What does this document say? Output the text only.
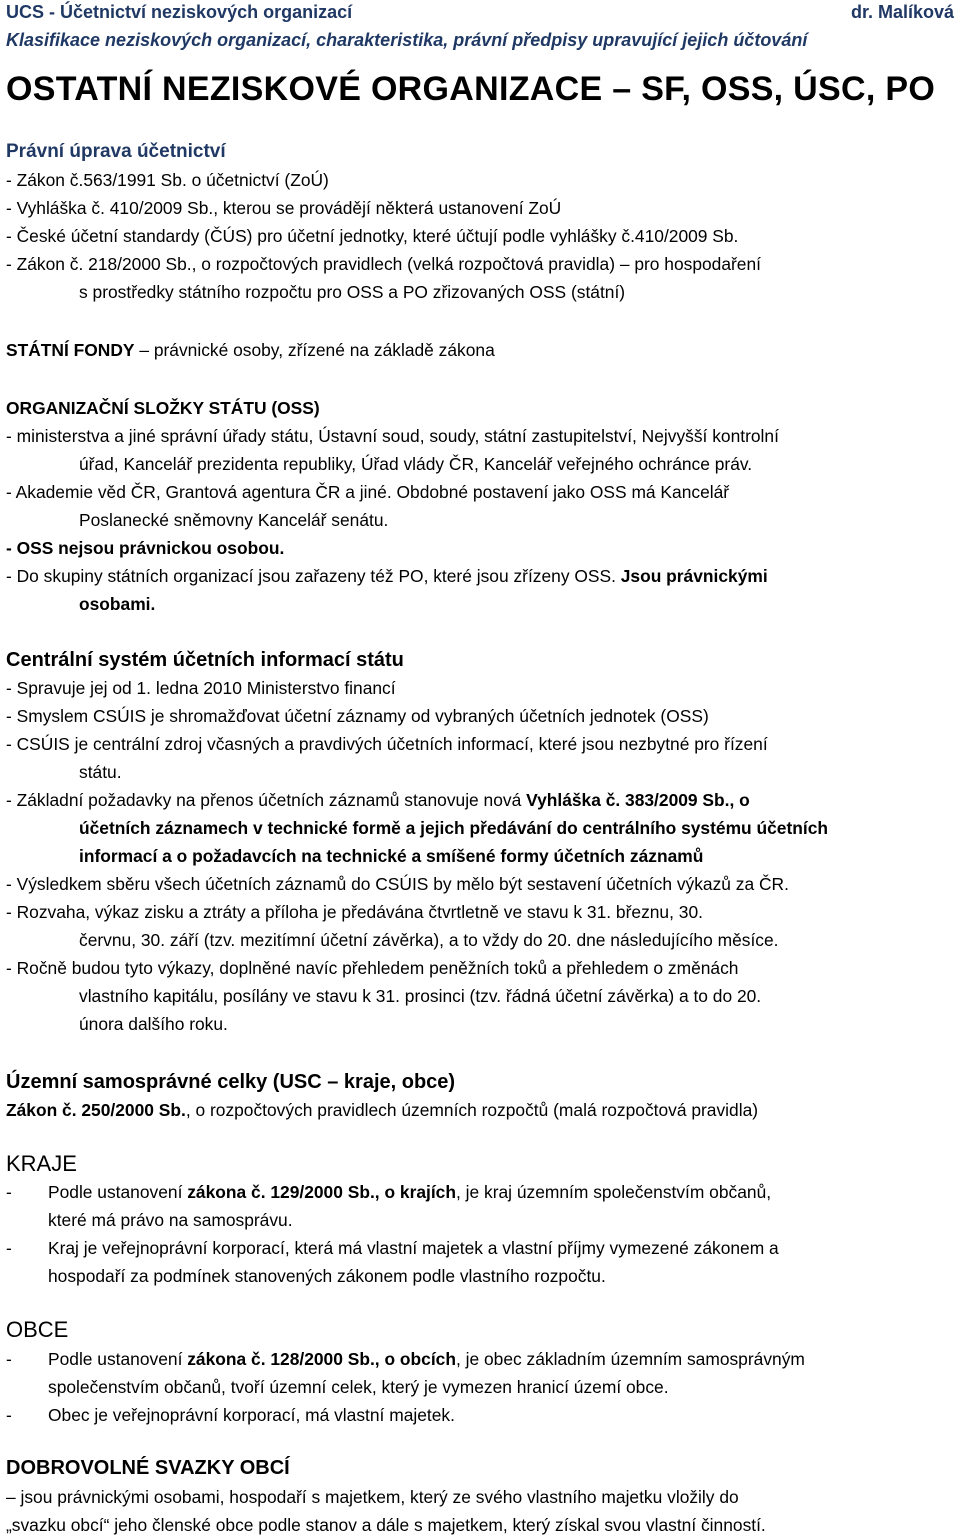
UCS - Účetnictví neziskových organizací	dr. Malíková
Klasifikace neziskových organizací, charakteristika, právní předpisy upravující jejich účtování
OSTATNÍ NEZISKOVÉ ORGANIZACE – SF, OSS, ÚSC, PO
Právní úprava účetnictví
- Zákon č.563/1991 Sb. o účetnictví (ZoÚ)
- Vyhláška č. 410/2009 Sb., kterou se provádějí některá ustanovení ZoÚ
- České účetní standardy (ČÚS) pro účetní jednotky, které účtují podle vyhlášky č.410/2009 Sb.
- Zákon č. 218/2000 Sb., o rozpočtových pravidlech (velká rozpočtová pravidla) – pro hospodaření
s prostředky státního rozpočtu pro OSS a PO zřizovaných OSS (státní)
STÁTNÍ FONDY – právnické osoby, zřízené na základě zákona
ORGANIZAČNÍ SLOŽKY STÁTU (OSS)
- ministerstva a jiné správní úřady státu, Ústavní soud, soudy, státní zastupitelství, Nejvyšší kontrolní
úřad, Kancelář prezidenta republiky, Úřad vlády ČR, Kancelář veřejného ochránce práv.
- Akademie věd ČR, Grantová agentura ČR a jiné. Obdobné postavení jako OSS má Kancelář
Poslanecké sněmovny Kancelář senátu.
- OSS nejsou právnickou osobou.
- Do skupiny státních organizací jsou zařazeny též PO, které jsou zřízeny OSS. Jsou právnickými
osobami.
Centrální systém účetních informací státu
- Spravuje jej od 1. ledna 2010 Ministerstvo financí
- Smyslem CSÚIS je shromažďovat účetní záznamy od vybraných účetních jednotek (OSS)
- CSÚIS je centrální zdroj včasných a pravdivých účetních informací, které jsou nezbytné pro řízení
státu.
- Základní požadavky na přenos účetních záznamů stanovuje nová Vyhláška č. 383/2009 Sb., o
účetních záznamech v technické formě a jejich předávání do centrálního systému účetních
informací a o požadavcích na technické a smíšené formy účetních záznamů
- Výsledkem sběru všech účetních záznamů do CSÚIS by mělo být sestavení účetních výkazů za ČR.
- Rozvaha, výkaz zisku a ztráty a příloha je předávána čtvrtletně ve stavu k 31. březnu, 30.
červnu, 30. září (tzv. mezitímní účetní závěrka), a to vždy do 20. dne následujícího měsíce.
- Ročně budou tyto výkazy, doplněné navíc přehledem peněžních toků a přehledem o změnách
vlastního kapitálu, posílány ve stavu k 31. prosinci (tzv. řádná účetní závěrka) a to do 20.
února dalšího roku.
Územní samosprávné celky (USC – kraje, obce)
Zákon č. 250/2000 Sb., o rozpočtových pravidlech územních rozpočtů (malá rozpočtová pravidla)
KRAJE
-	Podle ustanovení zákona č. 129/2000 Sb., o krajích, je kraj územním společenstvím občanů,
které má právo na samosprávu.
-	Kraj je veřejnoprávní korporací, která má vlastní majetek a vlastní příjmy vymezené zákonem a
hospodaří za podmínek stanovených zákonem podle vlastního rozpočtu.
OBCE
-	Podle ustanovení zákona č. 128/2000 Sb., o obcích, je obec základním územním samosprávným
společenstvím občanů, tvoří územní celek, který je vymezen hranicí území obce.
-	Obec je veřejnoprávní korporací, má vlastní majetek.
DOBROVOLNÉ SVAZKY OBCÍ
– jsou právnickými osobami, hospodaří s majetkem, který ze svého vlastního majetku vložily do
„svazku obcí“ jeho členské obce podle stanov a dále s majetkem, který získal svou vlastní činností.
